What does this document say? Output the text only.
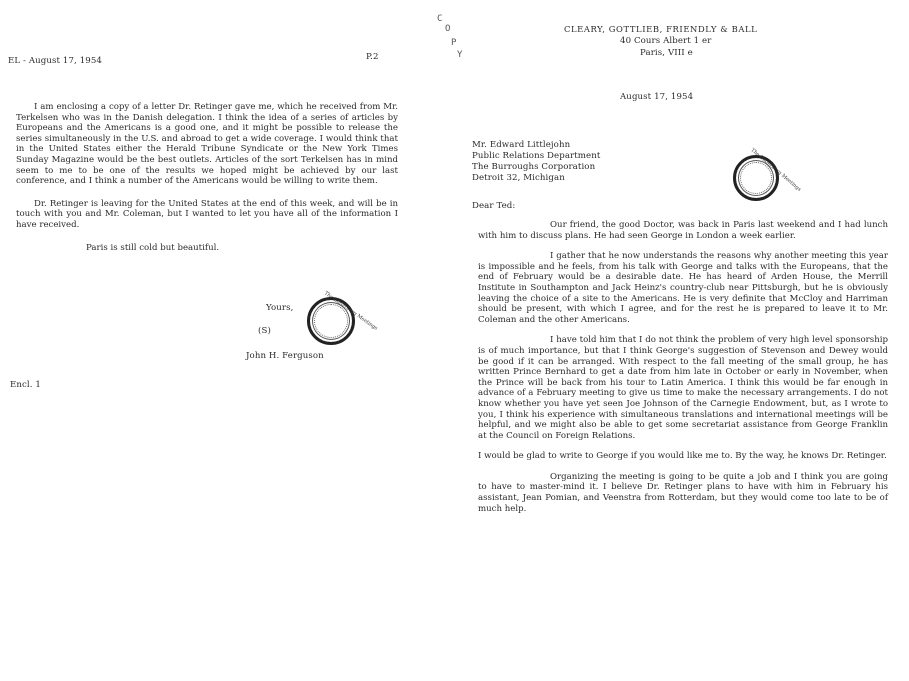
EL - August 17, 1954	P.2

I am enclosing a copy of a letter Dr. Retinger gave me, which he received from Mr. Terkelsen who was in the Danish delegation. I think the idea of a series of articles by Europeans and the Americans is a good one, and it might be possible to release the series simultaneously in the U.S. and abroad to get a wide coverage. I would think that in the United States either the Herald Tribune Syndicate or the New York Times Sunday Magazine would be the best outlets. Articles of the sort Terkelsen has in mind seem to me to be one of the results we hoped might be achieved by our last conference, and I think a number of the Americans would be willing to write them.

Dr. Retinger is leaving for the United States at the end of this week, and will be in touch with you and Mr. Coleman, but I wanted to let you have all of the information I have received.

Paris is still cold but beautiful.

Yours,
(S)
John H. Ferguson
Encl. 1
The Bilderberg Meetings
C
O
P
Y
CLEARY, GOTTLIEB, FRIENDLY & BALL
40 Cours Albert 1 er
Paris, VIII e
August 17, 1954
Mr. Edward Littlejohn
Public Relations Department
The Burroughs Corporation
Detroit 32, Michigan	The Bilderberg Meetings
Dear Ted:

Our friend, the good Doctor, was back in Paris last weekend and I had lunch with him to discuss plans. He had seen George in London a week earlier.

I gather that he now understands the reasons why another meeting this year is impossible and he feels, from his talk with George and talks with the Europeans, that the end of February would be a desirable date. He has heard of Arden House, the Merrill Institute in Southampton and Jack Heinz's country-club near Pittsburgh, but he is obviously leaving the choice of a site to the Americans. He is very definite that McCloy and Harriman should be present, with which I agree, and for the rest he is prepared to leave it to Mr. Coleman and the other Americans.

I have told him that I do not think the problem of very high level sponsorship is of much importance, but that I think George's suggestion of Stevenson and Dewey would be good if it can be arranged. With respect to the fall meeting of the small group, he has written Prince Bernhard to get a date from him late in October or early in November, when the Prince will be back from his tour to Latin America. I think this would be far enough in advance of a February meeting to give us time to make the necessary arrangements. I do not know whether you have yet seen Joe Johnson of the Carnegie Endowment, but, as I wrote to you, I think his experience with simultaneous translations and international meetings will be helpful, and we might also be able to get some secretariat assistance from George Franklin at the Council on Foreign Relations.

I would be glad to write to George if you would like me to. By the way, he knows Dr. Retinger.

Organizing the meeting is going to be quite a job and I think you are going to have to master-mind it. I believe Dr. Retinger plans to have with him in February his assistant, Jean Pomian, and Veenstra from Rotterdam, but they would come too late to be of much help.
